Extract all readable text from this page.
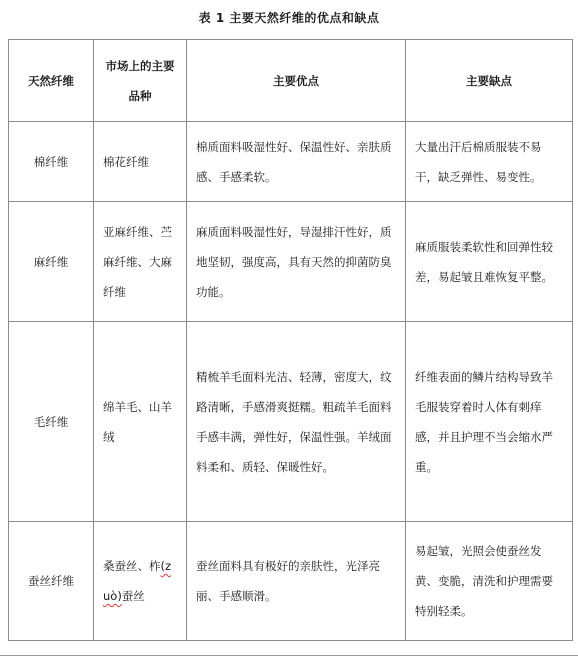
表 1 主要天然纤维的优点和缺点
天然纤维	市场上的主要品种	主要优点	主要缺点
棉纤维	棉花纤维	棉质面料吸湿性好、保温性好、亲肤质感、手感柔软。	大量出汗后棉质服装不易干，缺乏弹性、易变性。
麻纤维	亚麻纤维、苎麻纤维、大麻纤维	麻质面料吸湿性好，导湿排汗性好，质地坚韧，强度高，具有天然的抑菌防臭功能。	麻质服装柔软性和回弹性较差，易起皱且难恢复平整。
毛纤维	绵羊毛、山羊绒	精梳羊毛面料光洁、轻薄，密度大，纹路清晰，手感滑爽挺糯。粗疏羊毛面料手感丰满，弹性好，保温性强。羊绒面料柔和、质轻、保暖性好。	纤维表面的鳞片结构导致羊毛服装穿着时人体有刺痒感，并且护理不当会缩水严重。
蚕丝纤维	桑蚕丝、柞(zuò)蚕丝	蚕丝面料具有极好的亲肤性，光泽亮丽、手感顺滑。	易起皱，光照会使蚕丝发黄、变脆，清洗和护理需要特别轻柔。
